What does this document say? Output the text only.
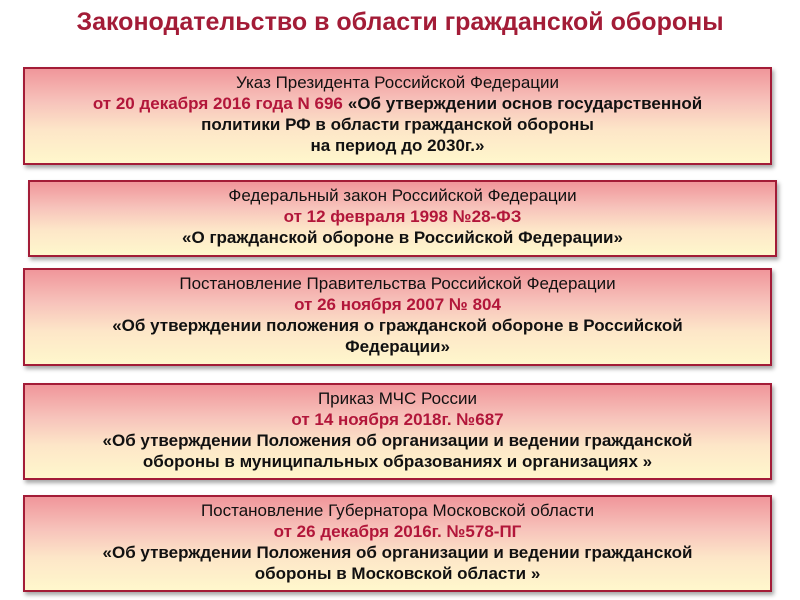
Законодательство в области гражданской обороны
Указ Президента Российской Федерации
от 20 декабря 2016 года N 696 «Об утверждении основ государственной
политики РФ в области гражданской обороны
на период до 2030г.»
Федеральный закон Российской Федерации
от 12 февраля 1998 №28-ФЗ
«О гражданской обороне в Российской Федерации»
Постановление Правительства Российской Федерации
от 26 ноября 2007 № 804
«Об утверждении положения о гражданской обороне в Российской
Федерации»
Приказ МЧС России
от 14 ноября 2018г. №687
«Об утверждении Положения об организации и ведении гражданской
обороны в муниципальных образованиях и организациях »
Постановление Губернатора Московской области
от 26 декабря 2016г. №578-ПГ
«Об утверждении Положения об организации и ведении гражданской
обороны в Московской области »
